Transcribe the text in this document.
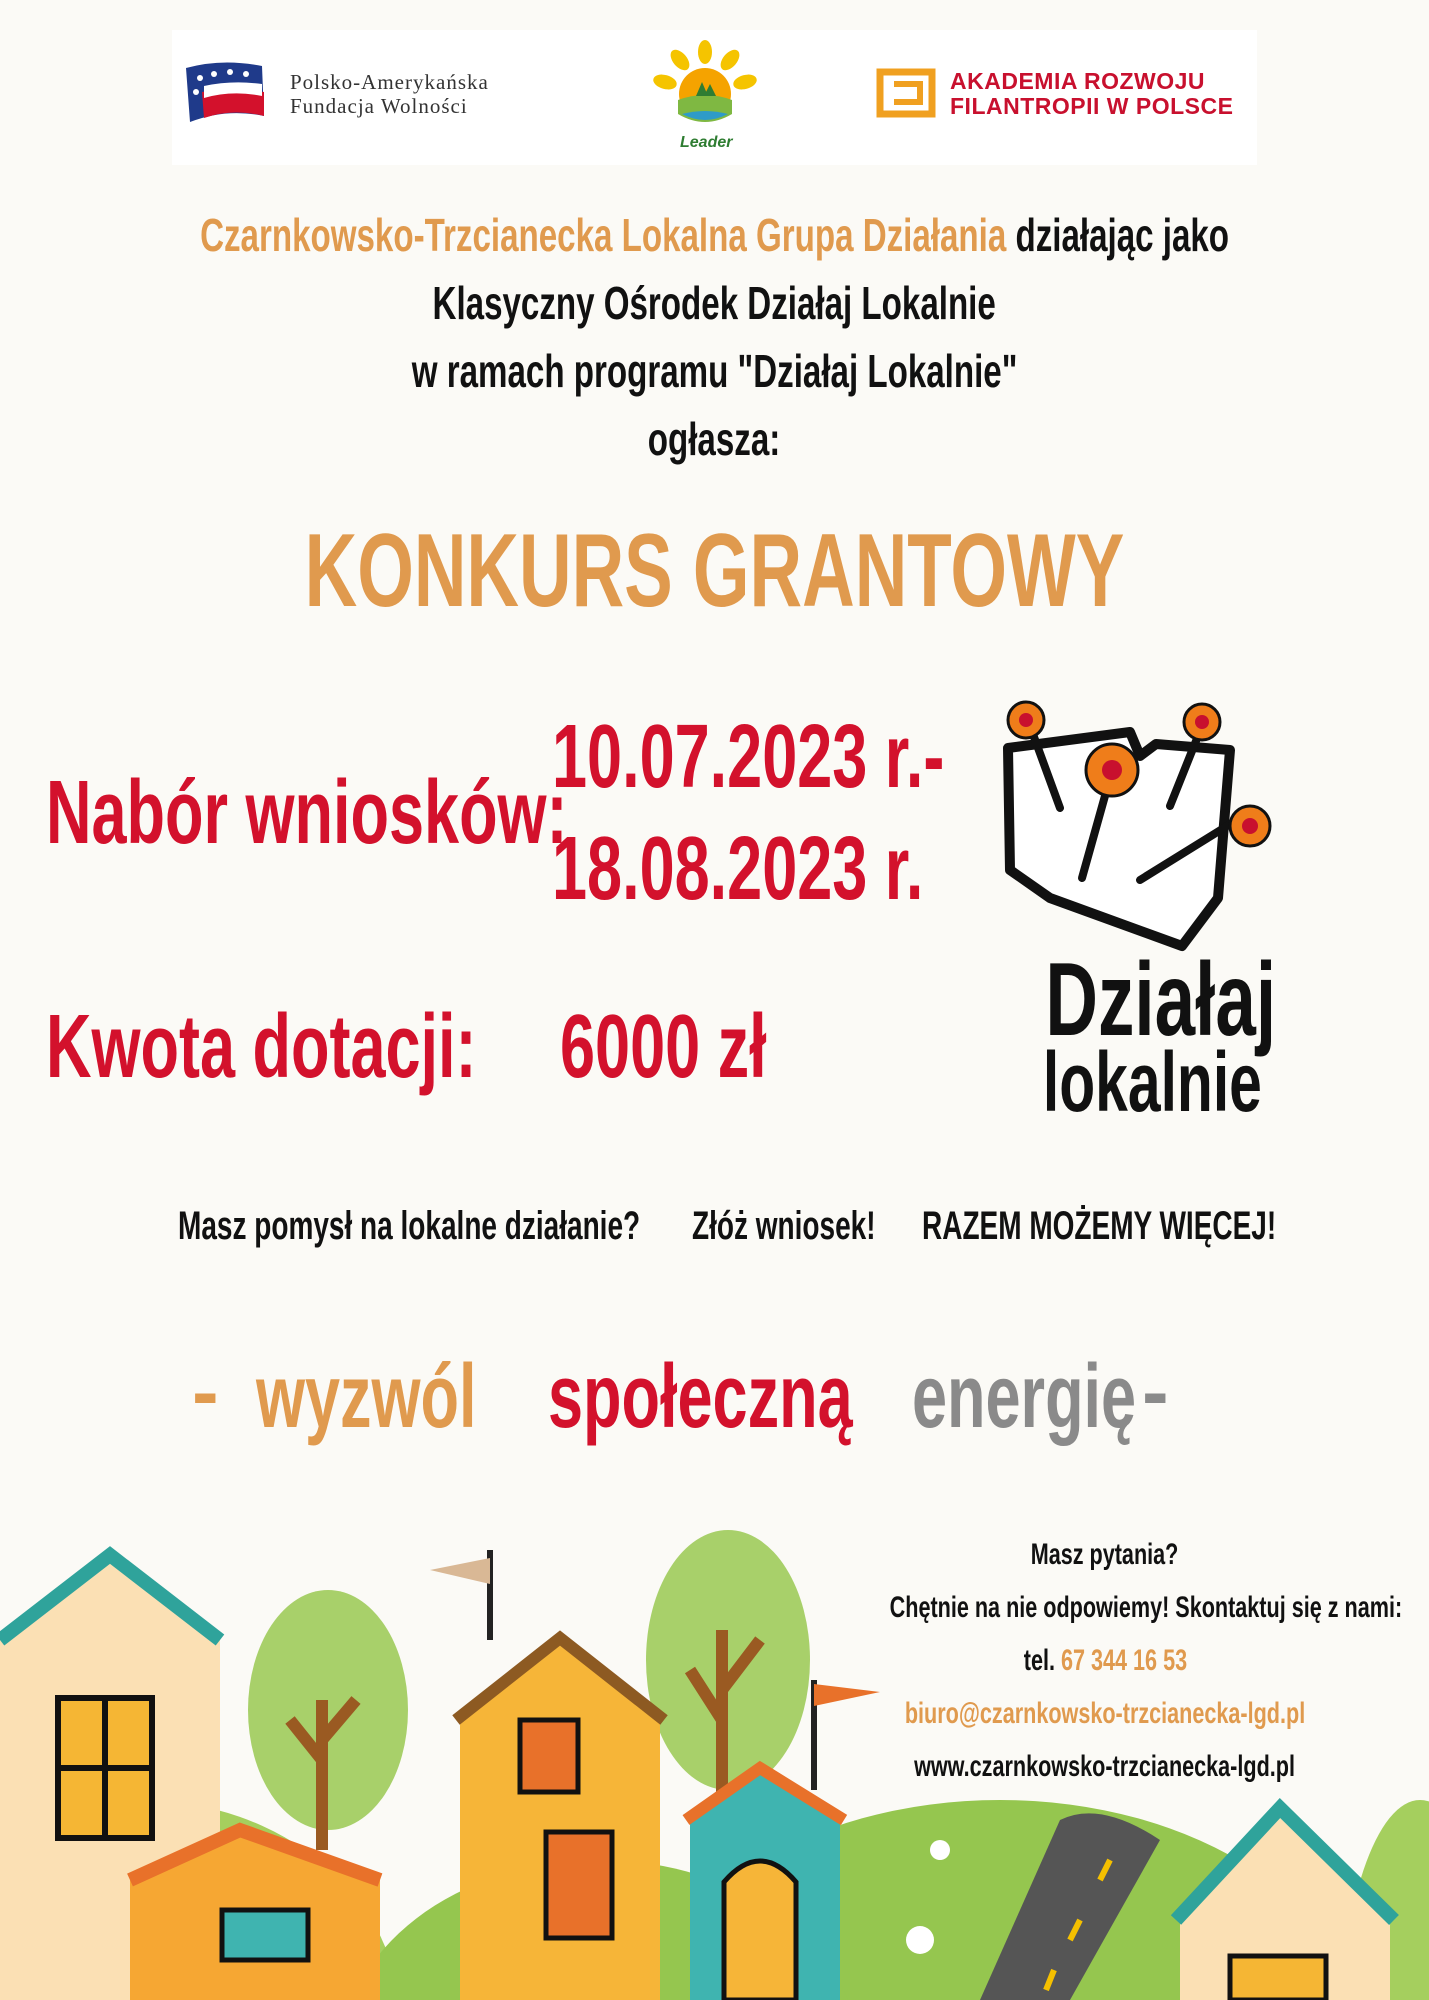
Polsko-Amerykańska
Fundacja Wolności
Leader
AKADEMIA ROZWOJU
FILANTROPII W POLSCE
Czarnkowsko-Trzcianecka Lokalna Grupa Działania działając jako
Klasyczny Ośrodek Działaj Lokalnie
w ramach programu "Działaj Lokalnie"
ogłasza:
KONKURS GRANTOWY
Nabór wniosków:
10.07.2023 r.-
18.08.2023 r.
Kwota dotacji: 6000 zł	Działaj
lokalnie
Masz pomysł na lokalne działanie?	Złóż wniosek!	RAZEM MOŻEMY WIĘCEJ!
- wyzwól społeczną energię -
Masz pytania?
Chętnie na nie odpowiemy! Skontaktuj się z nami:
tel. 67 344 16 53
biuro@czarnkowsko-trzcianecka-lgd.pl
www.czarnkowsko-trzcianecka-lgd.pl
